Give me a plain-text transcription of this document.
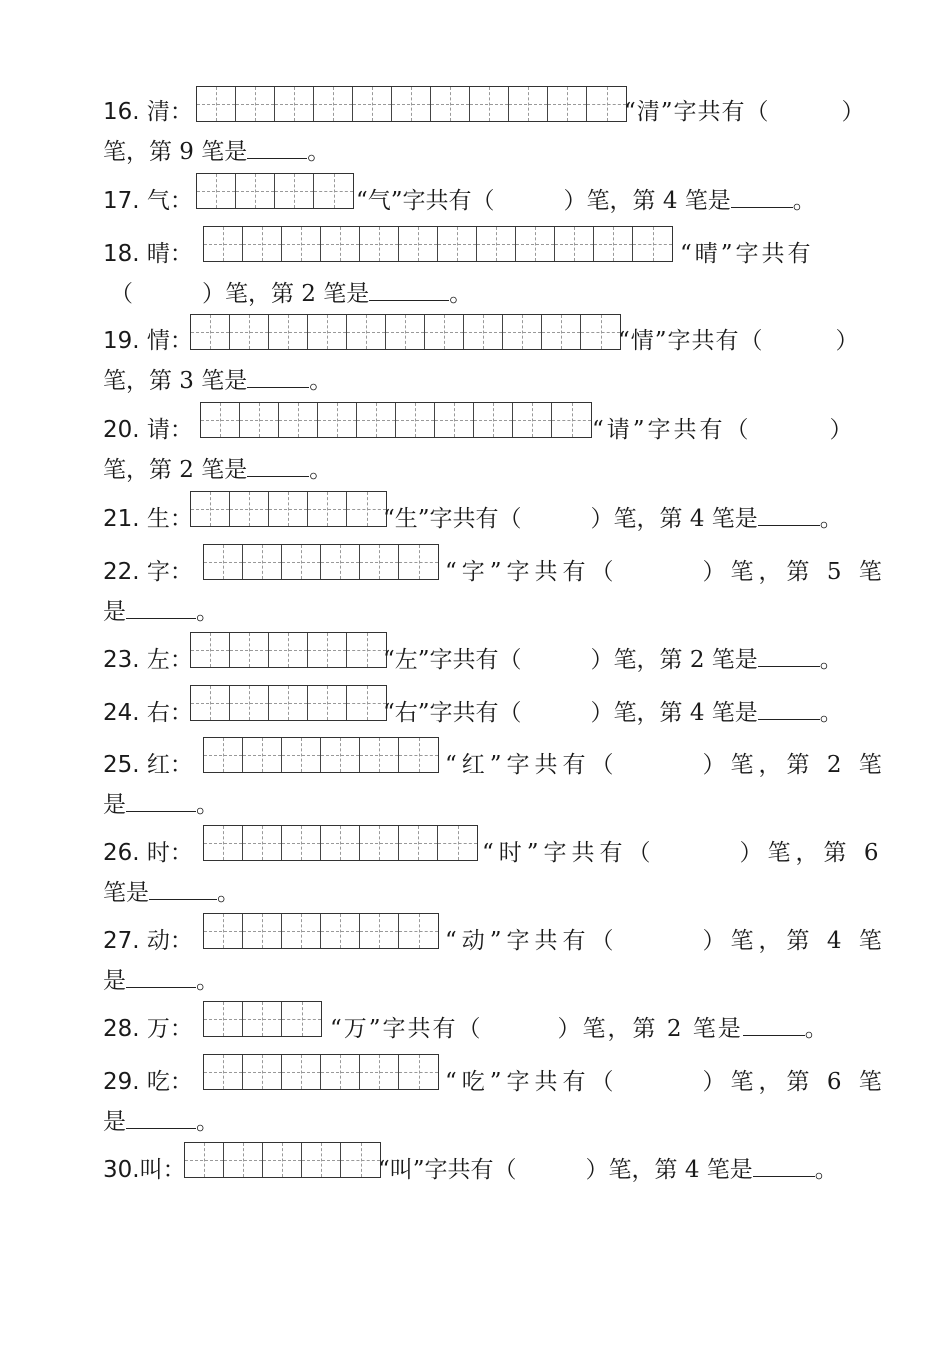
16. 清：	“清”字共有（　　　）
笔，第 9 笔是	。
17. 气：	“气”字共有（　　　）笔，第 4 笔是	。
18. 晴：	“晴”字共有
（　　　）笔，第 2 笔是	。
19. 情：	“情”字共有（　　　）
笔，第 3 笔是	。
20. 请：	“请”字共有（　　　）
笔，第 2 笔是	。
21. 生：	“生”字共有（　　　）笔，第 4 笔是	。
22. 字：	“字”字共有（　　　）笔，第 5 笔
是	。
23. 左：	“左”字共有（　　　）笔，第 2 笔是	。
24. 右：	“右”字共有（　　　）笔，第 4 笔是	。
25. 红：	“红”字共有（　　　）笔，第 2 笔
是	。
26. 时：	“时”字共有（　　　）笔，第 6
笔是	。
27. 动：	“动”字共有（　　　）笔，第 4 笔
是	。
28. 万：	“万”字共有（　　　）笔，第 2 笔是	。
29. 吃：	“吃”字共有（　　　）笔，第 6 笔
是	。
30.叫：	“叫”字共有（　　　）笔，第 4 笔是	。
